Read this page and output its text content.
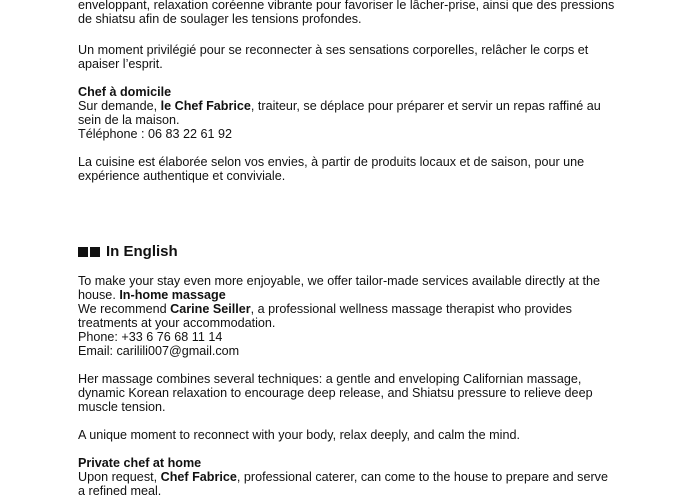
enveloppant, relaxation coréenne vibrante pour favoriser le lâcher-prise, ainsi que des pressions

de shiatsu afin de soulager les tensions profondes.

Un moment privilégié pour se reconnecter à ses sensations corporelles, relâcher le corps et

apaiser l’esprit.

Chef à domicile

Sur demande, le Chef Fabrice, traiteur, se déplace pour préparer et servir un repas raffiné au

sein de la maison.

Téléphone : 06 83 22 61 92

La cuisine est élaborée selon vos envies, à partir de produits locaux et de saison, pour une

expérience authentique et conviviale.

In English

To make your stay even more enjoyable, we offer tailor-made services available directly at the

house. In-home massage

We recommend Carine Seiller, a professional wellness massage therapist who provides

treatments at your accommodation.

Phone: +33 6 76 68 11 14

Email: carilili007@gmail.com

Her massage combines several techniques: a gentle and enveloping Californian massage,

dynamic Korean relaxation to encourage deep release, and Shiatsu pressure to relieve deep

muscle tension.

A unique moment to reconnect with your body, relax deeply, and calm the mind.

Private chef at home

Upon request, Chef Fabrice, professional caterer, can come to the house to prepare and serve

a refined meal.
